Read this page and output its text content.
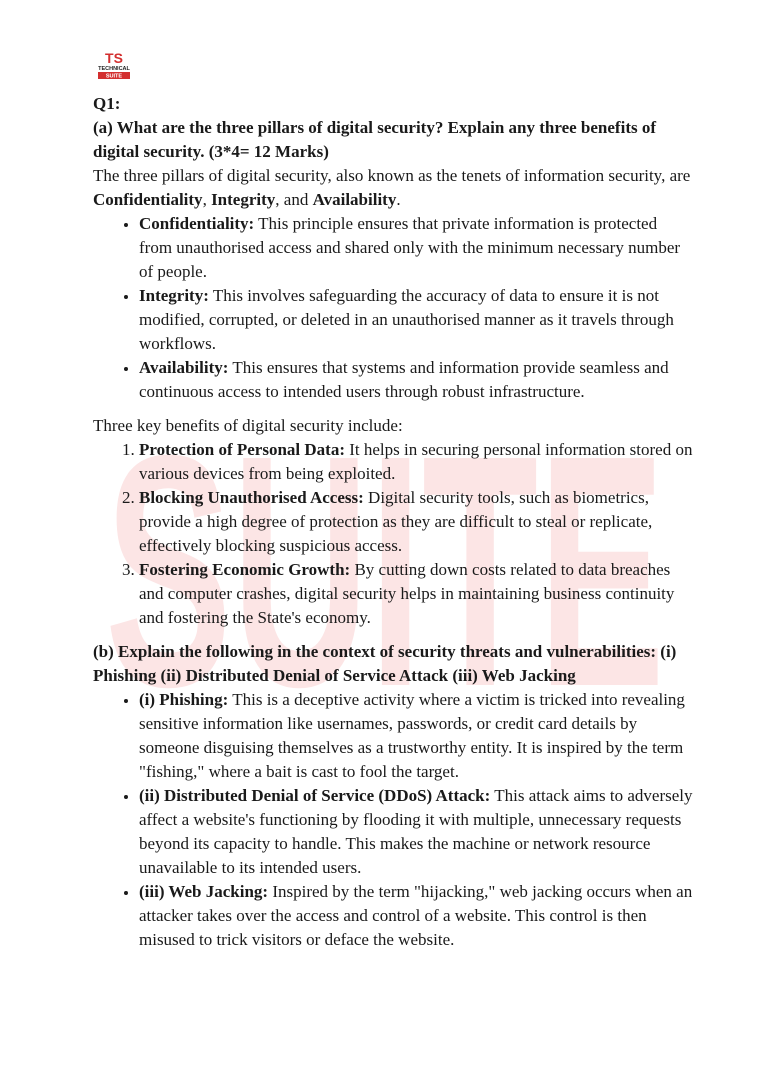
SUITE
TS
TECHNICAL
SUITE

Q1:

(a) What are the three pillars of digital security? Explain any three benefits of digital security. (3*4= 12 Marks)

The three pillars of digital security, also known as the tenets of information security, are Confidentiality, Integrity, and Availability.

• Confidentiality: This principle ensures that private information is protected from unauthorised access and shared only with the minimum necessary number of people.
• Integrity: This involves safeguarding the accuracy of data to ensure it is not modified, corrupted, or deleted in an unauthorised manner as it travels through workflows.
• Availability: This ensures that systems and information provide seamless and continuous access to intended users through robust infrastructure.

Three key benefits of digital security include:

1. Protection of Personal Data: It helps in securing personal information stored on various devices from being exploited.
2. Blocking Unauthorised Access: Digital security tools, such as biometrics, provide a high degree of protection as they are difficult to steal or replicate, effectively blocking suspicious access.
3. Fostering Economic Growth: By cutting down costs related to data breaches and computer crashes, digital security helps in maintaining business continuity and fostering the State's economy.

(b) Explain the following in the context of security threats and vulnerabilities: (i) Phishing (ii) Distributed Denial of Service Attack (iii) Web Jacking

• (i) Phishing: This is a deceptive activity where a victim is tricked into revealing sensitive information like usernames, passwords, or credit card details by someone disguising themselves as a trustworthy entity. It is inspired by the term "fishing," where a bait is cast to fool the target.
• (ii) Distributed Denial of Service (DDoS) Attack: This attack aims to adversely affect a website's functioning by flooding it with multiple, unnecessary requests beyond its capacity to handle. This makes the machine or network resource unavailable to its intended users.
• (iii) Web Jacking: Inspired by the term "hijacking," web jacking occurs when an attacker takes over the access and control of a website. This control is then misused to trick visitors or deface the website.
